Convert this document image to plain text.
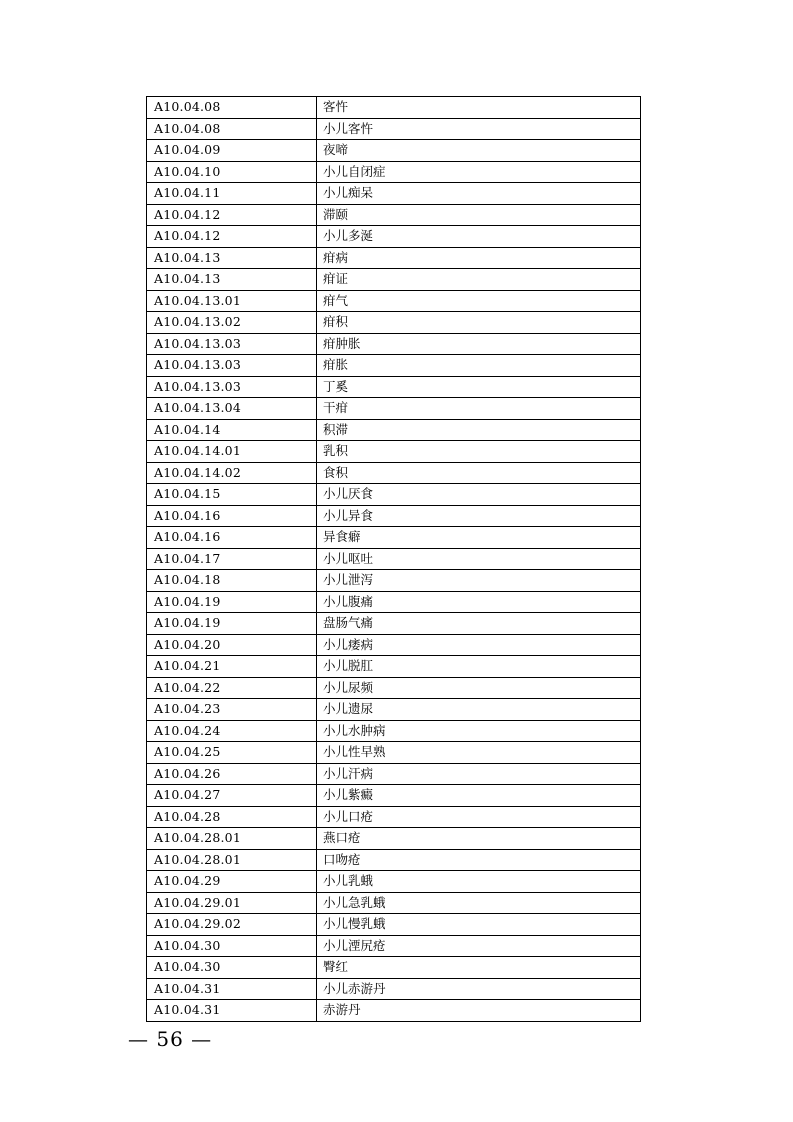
A10.04.08	客忤
A10.04.08	小儿客忤
A10.04.09	夜啼
A10.04.10	小儿自闭症
A10.04.11	小儿痴呆
A10.04.12	滞颐
A10.04.12	小儿多涎
A10.04.13	疳病
A10.04.13	疳证
A10.04.13.01	疳气
A10.04.13.02	疳积
A10.04.13.03	疳肿胀
A10.04.13.03	疳胀
A10.04.13.03	丁奚
A10.04.13.04	干疳
A10.04.14	积滞
A10.04.14.01	乳积
A10.04.14.02	食积
A10.04.15	小儿厌食
A10.04.16	小儿异食
A10.04.16	异食癖
A10.04.17	小儿呕吐
A10.04.18	小儿泄泻
A10.04.19	小儿腹痛
A10.04.19	盘肠气痛
A10.04.20	小儿痿病
A10.04.21	小儿脱肛
A10.04.22	小儿尿频
A10.04.23	小儿遗尿
A10.04.24	小儿水肿病
A10.04.25	小儿性早熟
A10.04.26	小儿汗病
A10.04.27	小儿紫癜
A10.04.28	小儿口疮
A10.04.28.01	燕口疮
A10.04.28.01	口吻疮
A10.04.29	小儿乳蛾
A10.04.29.01	小儿急乳蛾
A10.04.29.02	小儿慢乳蛾
A10.04.30	小儿湮尻疮
A10.04.30	臀红
A10.04.31	小儿赤游丹
A10.04.31	赤游丹
— 56 —
